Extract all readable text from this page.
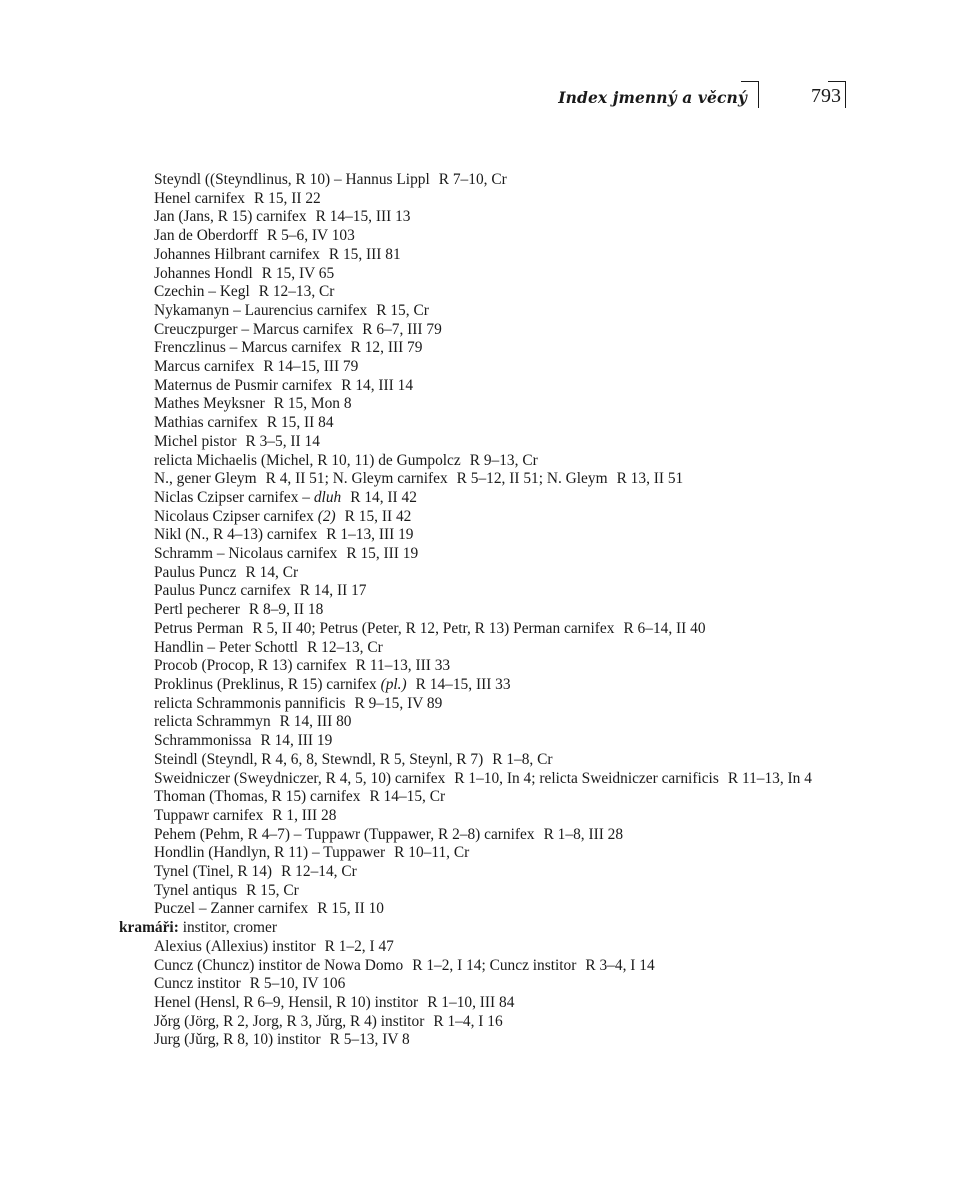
Index jmenný a věcný	793
Steyndl ((Steyndlinus, R 10) – Hannus Lippl R 7–10, Cr
Henel carnifex R 15, II 22
Jan (Jans, R 15) carnifex R 14–15, III 13
Jan de Oberdorff R 5–6, IV 103
Johannes Hilbrant carnifex R 15, III 81
Johannes Hondl R 15, IV 65
Czechin – Kegl R 12–13, Cr
Nykamanyn – Laurencius carnifex R 15, Cr
Creuczpurger – Marcus carnifex R 6–7, III 79
Frenczlinus – Marcus carnifex R 12, III 79
Marcus carnifex R 14–15, III 79
Maternus de Pusmir carnifex R 14, III 14
Mathes Meyksner R 15, Mon 8
Mathias carnifex R 15, II 84
Michel pistor R 3–5, II 14
relicta Michaelis (Michel, R 10, 11) de Gumpolcz R 9–13, Cr
N., gener Gleym R 4, II 51; N. Gleym carnifex R 5–12, II 51; N. Gleym R 13, II 51
Niclas Czipser carnifex – dluh R 14, II 42
Nicolaus Czipser carnifex (2) R 15, II 42
Nikl (N., R 4–13) carnifex R 1–13, III 19
Schramm – Nicolaus carnifex R 15, III 19
Paulus Puncz R 14, Cr
Paulus Puncz carnifex R 14, II 17
Pertl pecherer R 8–9, II 18
Petrus Perman R 5, II 40; Petrus (Peter, R 12, Petr, R 13) Perman carnifex R 6–14, II 40
Handlin – Peter Schottl R 12–13, Cr
Procob (Procop, R 13) carnifex R 11–13, III 33
Proklinus (Preklinus, R 15) carnifex (pl.) R 14–15, III 33
relicta Schrammonis pannificis R 9–15, IV 89
relicta Schrammyn R 14, III 80
Schrammonissa R 14, III 19
Steindl (Steyndl, R 4, 6, 8, Stewndl, R 5, Steynl, R 7) R 1–8, Cr
Sweidniczer (Sweydniczer, R 4, 5, 10) carnifex R 1–10, In 4; relicta Sweidniczer carnificis R 11–13, In 4
Thoman (Thomas, R 15) carnifex R 14–15, Cr
Tuppawr carnifex R 1, III 28
Pehem (Pehm, R 4–7) – Tuppawr (Tuppawer, R 2–8) carnifex R 1–8, III 28
Hondlin (Handlyn, R 11) – Tuppawer R 10–11, Cr
Tynel (Tinel, R 14) R 12–14, Cr
Tynel antiqus R 15, Cr
Puczel – Zanner carnifex R 15, II 10
kramáři: institor, cromer
Alexius (Allexius) institor R 1–2, I 47
Cuncz (Chuncz) institor de Nowa Domo R 1–2, I 14; Cuncz institor R 3–4, I 14
Cuncz institor R 5–10, IV 106
Henel (Hensl, R 6–9, Hensil, R 10) institor R 1–10, III 84
Jǒrg (Jörg, R 2, Jorg, R 3, Jǔrg, R 4) institor R 1–4, I 16
Jurg (Jǔrg, R 8, 10) institor R 5–13, IV 8
